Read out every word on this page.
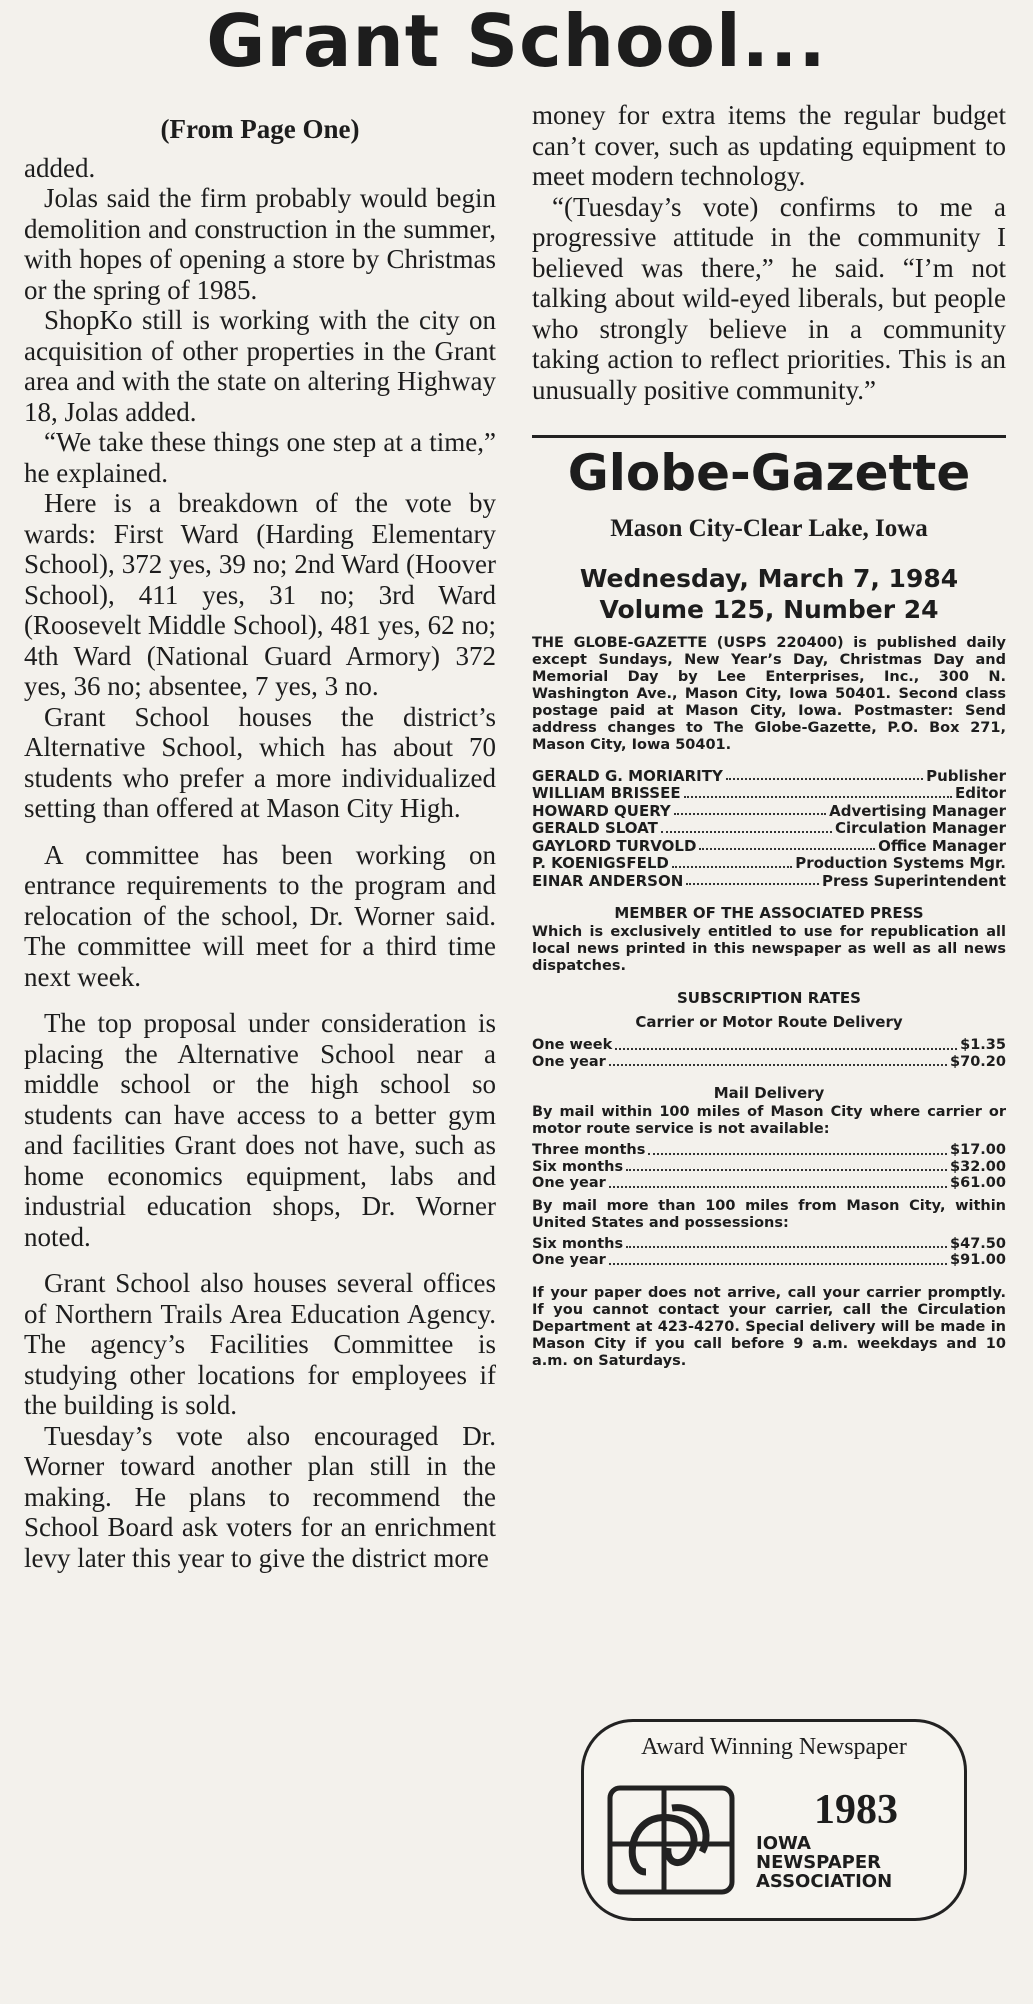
Grant School...
(From Page One)

added.

Jolas said the firm probably would begin demolition and construction in the summer, with hopes of opening a store by Christmas or the spring of 1985.

ShopKo still is working with the city on acquisition of other properties in the Grant area and with the state on altering Highway 18, Jolas added.

“We take these things one step at a time,” he explained.

Here is a breakdown of the vote by wards: First Ward (Harding Elementary School), 372 yes, 39 no; 2nd Ward (Hoover School), 411 yes, 31 no; 3rd Ward (Roosevelt Middle School), 481 yes, 62 no; 4th Ward (National Guard Armory) 372 yes, 36 no; absentee, 7 yes, 3 no.

Grant School houses the district’s Alternative School, which has about 70 students who prefer a more individualized setting than offered at Mason City High.

A committee has been working on entrance requirements to the program and relocation of the school, Dr. Worner said. The committee will meet for a third time next week.

The top proposal under consideration is placing the Alternative School near a middle school or the high school so students can have access to a better gym and facilities Grant does not have, such as home economics equipment, labs and industrial education shops, Dr. Worner noted.

Grant School also houses several offices of Northern Trails Area Education Agency. The agency’s Facilities Committee is studying other locations for employees if the building is sold.

Tuesday’s vote also encouraged Dr. Worner toward another plan still in the making. He plans to recommend the School Board ask voters for an enrichment levy later this year to give the district more

money for extra items the regular budget can’t cover, such as updating equipment to meet modern technology.

“(Tuesday’s vote) confirms to me a progressive attitude in the community I believed was there,” he said. “I’m not talking about wild-eyed liberals, but people who strongly believe in a community taking action to reflect priorities. This is an unusually positive community.”

Globe-Gazette
Mason City-Clear Lake, Iowa
Wednesday, March 7, 1984
Volume 125, Number 24
THE GLOBE-GAZETTE (USPS 220400) is published daily except Sundays, New Year’s Day, Christmas Day and Memorial Day by Lee Enterprises, Inc., 300 N. Washington Ave., Mason City, Iowa 50401. Second class postage paid at Mason City, Iowa. Postmaster: Send address changes to The Globe-Gazette, P.O. Box 271, Mason City, Iowa 50401.
GERALD G. MORIARITY	Publisher
WILLIAM BRISSEE	Editor
HOWARD QUERY	Advertising Manager
GERALD SLOAT	Circulation Manager
GAYLORD TURVOLD	Office Manager
P. KOENIGSFELD	Production Systems Mgr.
EINAR ANDERSON	Press Superintendent
MEMBER OF THE ASSOCIATED PRESS
Which is exclusively entitled to use for republication all local news printed in this newspaper as well as all news dispatches.
SUBSCRIPTION RATES
Carrier or Motor Route Delivery
One week	$1.35
One year	$70.20
Mail Delivery
By mail within 100 miles of Mason City where carrier or motor route service is not available:
Three months	$17.00
Six months	$32.00
One year	$61.00
By mail more than 100 miles from Mason City, within United States and possessions:
Six months	$47.50
One year	$91.00
If your paper does not arrive, call your carrier promptly. If you cannot contact your carrier, call the Circulation Department at 423-4270. Special delivery will be made in Mason City if you call before 9 a.m. weekdays and 10 a.m. on Saturdays.
Award Winning Newspaper
1983
IOWA
NEWSPAPER
ASSOCIATION
